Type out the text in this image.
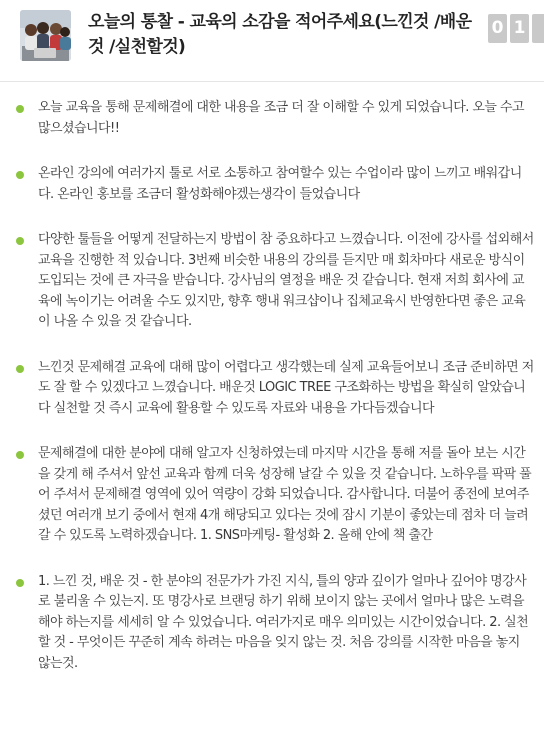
오늘의 통찰 - 교육의 소감을 적어주세요(느낀것 /배운것 /실천할것)
0 1
오늘 교육을 통해 문제해결에 대한 내용을 조금 더 잘 이해할 수 있게 되었습니다. 오늘 수고많으셨습니다!!
온라인 강의에 여러가지 툴로 서로 소통하고 참여할수 있는 수업이라 많이 느끼고 배워갑니다. 온라인 홍보를 조금더 활성화해야겠는생각이 들었습니다
다양한 툴들을 어떻게 전달하는지 방법이 참 중요하다고 느꼈습니다. 이전에 강사를 섭외해서 교육을 진행한 적 있습니다. 3번째 비슷한 내용의 강의를 듣지만 매 회차마다 새로운 방식이 도입되는 것에 큰 자극을 받습니다. 강사님의 열정을 배운 것 같습니다. 현재 저희 회사에 교육에 녹이기는 어려울 수도 있지만, 향후 행내 워크샵이나 집체교육시 반영한다면 좋은 교육이 나올 수 있을 것 같습니다.
느낀것 문제해결 교육에 대해 많이 어렵다고 생각했는데 실제 교육들어보니 조금 준비하면 저도 잘 할 수 있겠다고 느꼈습니다. 배운것 LOGIC TREE 구조화하는 방법을 확실히 알았습니다 실천할 것 즉시 교육에 활용할 수 있도록 자료와 내용을 가다듬겠습니다
문제해결에 대한 분야에 대해 알고자 신청하였는데 마지막 시간을 통해 저를 돌아 보는 시간을 갖게 해 주셔서 앞선 교육과 함께 더욱 성장해 날갈 수 있을 것 같습니다. 노하우를 팍팍 풀어 주셔서 문제해결 영역에 있어 역량이 강화 되었습니다. 감사합니다. 더불어 종전에 보여주셨던 여러개 보기 중에서 현재 4개 해당되고 있다는 것에 잠시 기분이 좋았는데 점차 더 늘려 갈 수 있도록 노력하겠습니다. 1. SNS마케팅- 활성화 2. 올해 안에 책 출간
1. 느낀 것, 배운 것 - 한 분야의 전문가가 가진 지식, 틀의 양과 깊이가 얼마나 깊어야 명강사로 불리울 수 있는지. 또 명강사로 브랜딩 하기 위해 보이지 않는 곳에서 얼마나 많은 노력을 해야 하는지를 세세히 알 수 있었습니다. 여러가지로 매우 의미있는 시간이었습니다. 2. 실천할 것 - 무엇이든 꾸준히 계속 하려는 마음을 잊지 않는 것. 처음 강의를 시작한 마음을 놓지 않는것.
